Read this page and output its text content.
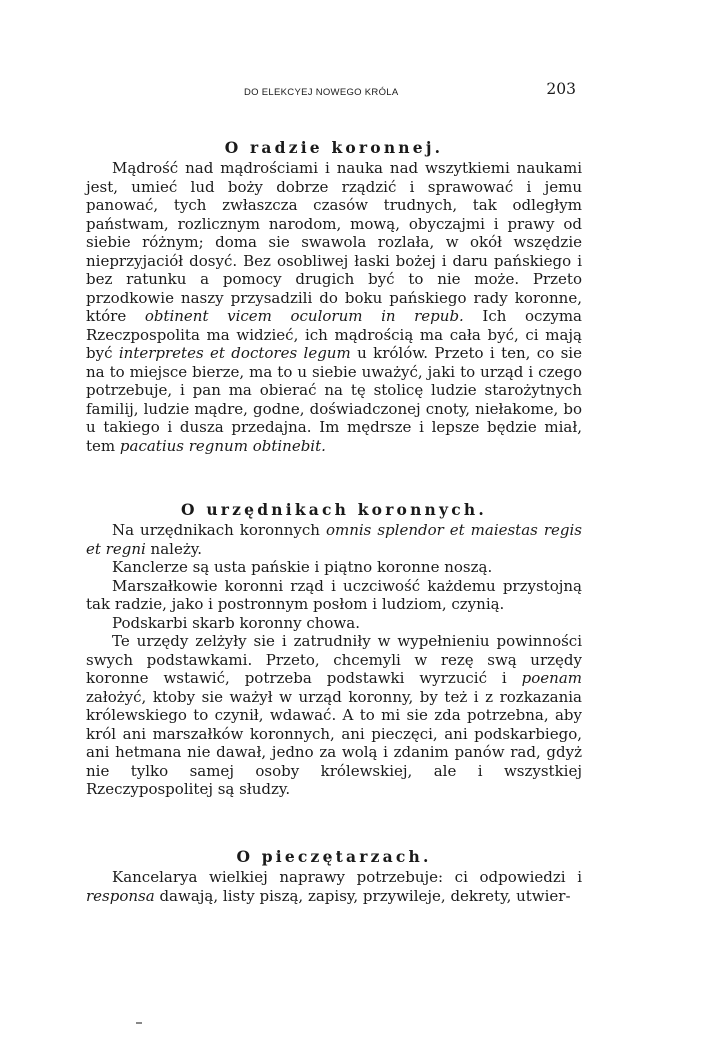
DO ELEKCYEJ NOWEGO KRÓLA	203
O radzie koronnej.

Mądrość nad mądrościami i nauka nad wszytkiemi naukami jest, umieć lud boży dobrze rządzić i sprawować i jemu panować, tych zwłaszcza czasów trudnych, tak odległym państwam, rozlicznym narodom, mową, obyczajmi i prawy od siebie różnym; doma sie swawola rozlała, w okół wszędzie nieprzyjaciół dosyć. Bez osobliwej łaski bożej i daru pańskiego i bez ratunku a pomocy drugich być to nie może. Przeto przodkowie naszy przysadzili do boku pańskiego rady koronne, które obtinent vicem oculorum in repub. Ich oczyma Rzeczpospolita ma widzieć, ich mądrością ma cała być, ci mają być interpretes et doctores legum u królów. Przeto i ten, co sie na to miejsce bierze, ma to u siebie uważyć, jaki to urząd i czego potrzebuje, i pan ma obierać na tę stolicę ludzie starożytnych familij, ludzie mądre, godne, doświadczonej cnoty, niełakome, bo u takiego i dusza przedajna. Im mędrsze i lepsze będzie miał, tem pacatius regnum obtinebit.

O urzędnikach koronnych.

Na urzędnikach koronnych omnis splendor et maiestas regis et regni należy.

Kanclerze są usta pańskie i piątno koronne noszą.

Marszałkowie koronni rząd i uczciwość każdemu przystojną tak radzie, jako i postronnym posłom i ludziom, czynią.

Podskarbi skarb koronny chowa.

Te urzędy zelżyły sie i zatrudniły w wypełnieniu powinności swych podstawkami. Przeto, chcemyli w rezę swą urzędy koronne wstawić, potrzeba podstawki wyrzucić i poenam założyć, ktoby sie ważył w urząd koronny, by też i z rozkazania królewskiego to czynił, wdawać. A to mi sie zda potrzebna, aby król ani marszałków koronnych, ani pieczęci, ani podskarbiego, ani hetmana nie dawał, jedno za wolą i zdanim panów rad, gdyż nie tylko samej osoby królewskiej, ale i wszystkiej Rzeczypospolitej są słudzy.

O pieczętarzach.

Kancelarya wielkiej naprawy potrzebuje: ci odpowiedzi i responsa dawają, listy piszą, zapisy, przywileje, dekrety, utwier-
